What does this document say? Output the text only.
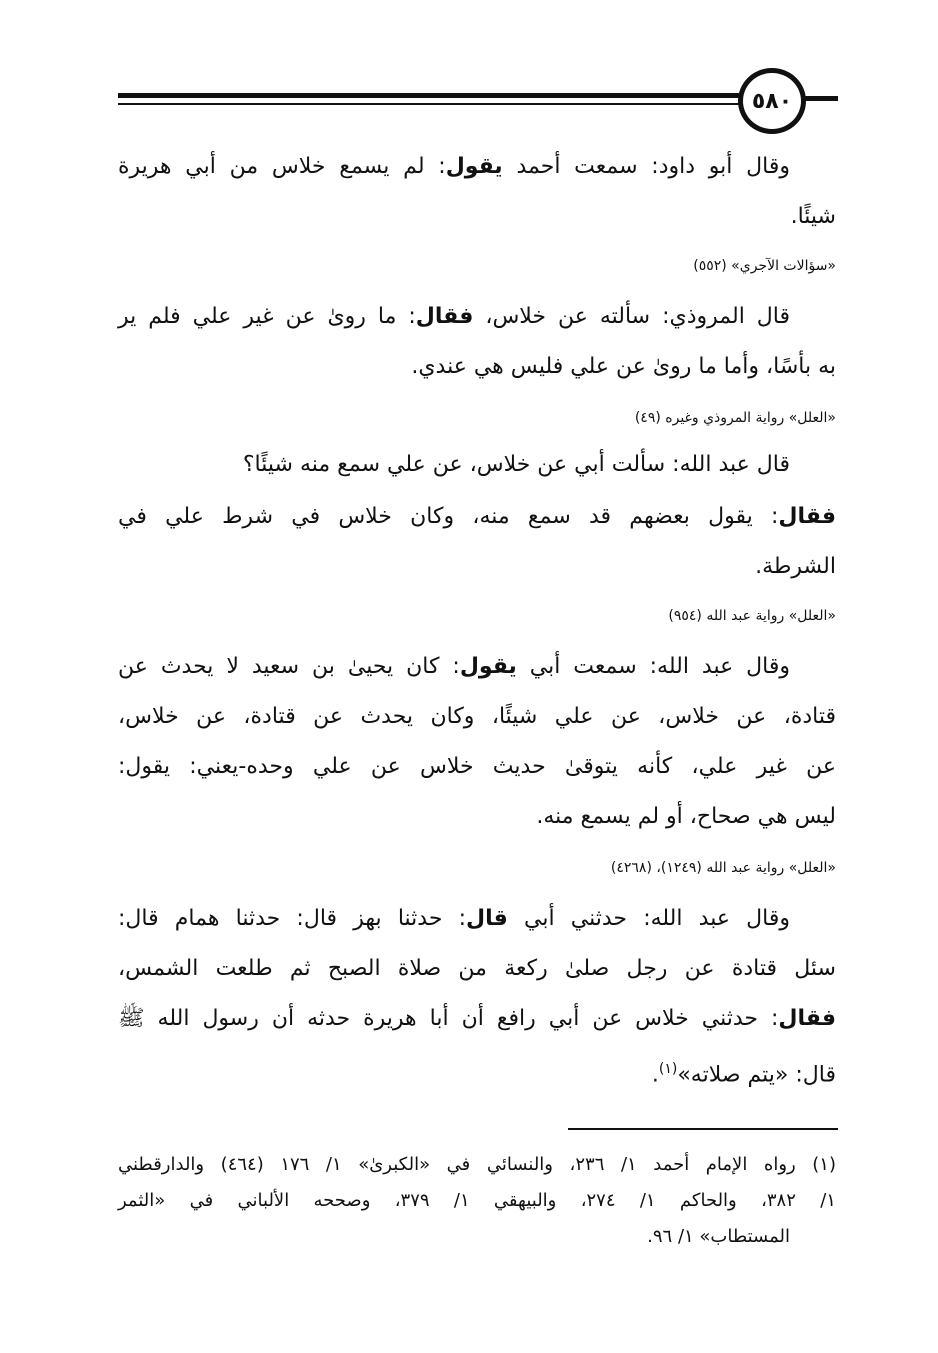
٥٨٠
وقال أبو داود: سمعت أحمد يقول: لم يسمع خلاس من أبي هريرة
شيئًا.
«سؤالات الآجري» (٥٥٢)
قال المروذي: سألته عن خلاس، فقال: ما روىٰ عن غير علي فلم ير
به بأسًا، وأما ما روىٰ عن علي فليس هي عندي.
«العلل» رواية المروذي وغيره (٤٩)
قال عبد الله: سألت أبي عن خلاس، عن علي سمع منه شيئًا؟
فقال: يقول بعضهم قد سمع منه، وكان خلاس في شرط علي في
الشرطة.
«العلل» رواية عبد الله (٩٥٤)
وقال عبد الله: سمعت أبي يقول: كان يحيىٰ بن سعيد لا يحدث عن
قتادة، عن خلاس، عن علي شيئًا، وكان يحدث عن قتادة، عن خلاس،
عن غير علي، كأنه يتوقىٰ حديث خلاس عن علي وحده-يعني: يقول:
ليس هي صحاح، أو لم يسمع منه.
«العلل» رواية عبد الله (١٢٤٩)، (٤٢٦٨)
وقال عبد الله: حدثني أبي قال: حدثنا بهز قال: حدثنا همام قال:
سئل قتادة عن رجل صلىٰ ركعة من صلاة الصبح ثم طلعت الشمس،
فقال: حدثني خلاس عن أبي رافع أن أبا هريرة حدثه أن رسول الله ﷺ
قال: «يتم صلاته»$^{(١)}$.
(١) رواه الإمام أحمد ١/ ٢٣٦، والنسائي في «الكبرىٰ» ١/ ١٧٦ (٤٦٤) والدارقطني
١/ ٣٨٢، والحاكم ١/ ٢٧٤، والبيهقي ١/ ٣٧٩، وصححه الألباني في «الثمر
المستطاب» ١/ ٩٦.
